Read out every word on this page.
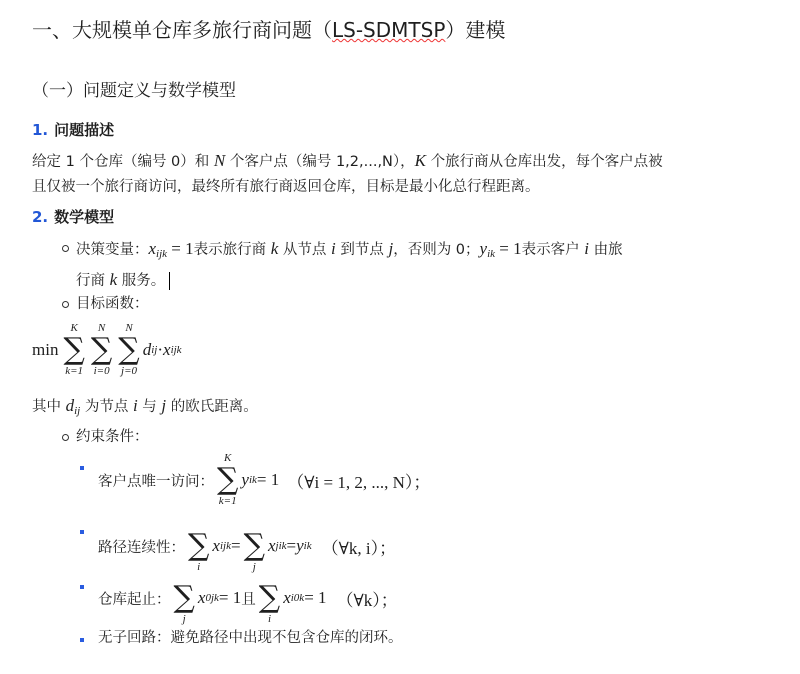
一、大规模单仓库多旅行商问题（LS-SDMTSP）建模
（一）问题定义与数学模型
1. 问题描述
给定 1 个仓库（编号 0）和 N 个客户点（编号 1,2,...,N），K 个旅行商从仓库出发，每个客户点被
且仅被一个旅行商访问，最终所有旅行商返回仓库，目标是最小化总行程距离。
2. 数学模型
决策变量：$x_{ijk} = 1$表示旅行商 k 从节点 i 到节点 j，否则为 0；$y_{ik} = 1$表示客户 i 由旅
行商 k 服务。
目标函数：
min
K
∑
k=1
N
∑
i=0
N
∑
j=0
d ij · x ijk
其中 $d_{ij}$ 为节点 i 与 j 的欧氏距离。
约束条件：
客户点唯一访问：
K
∑
k=1
y ik = 1 （∀i = 1, 2, ..., N）；
路径连续性： ∑
i
x ijk = ∑
j
x jik = y ik （∀k, i）；
仓库起止： ∑
j
x 0jk = 1 且 ∑
i
x i0k = 1 （∀k）；
无子回路：避免路径中出现不包含仓库的闭环。
